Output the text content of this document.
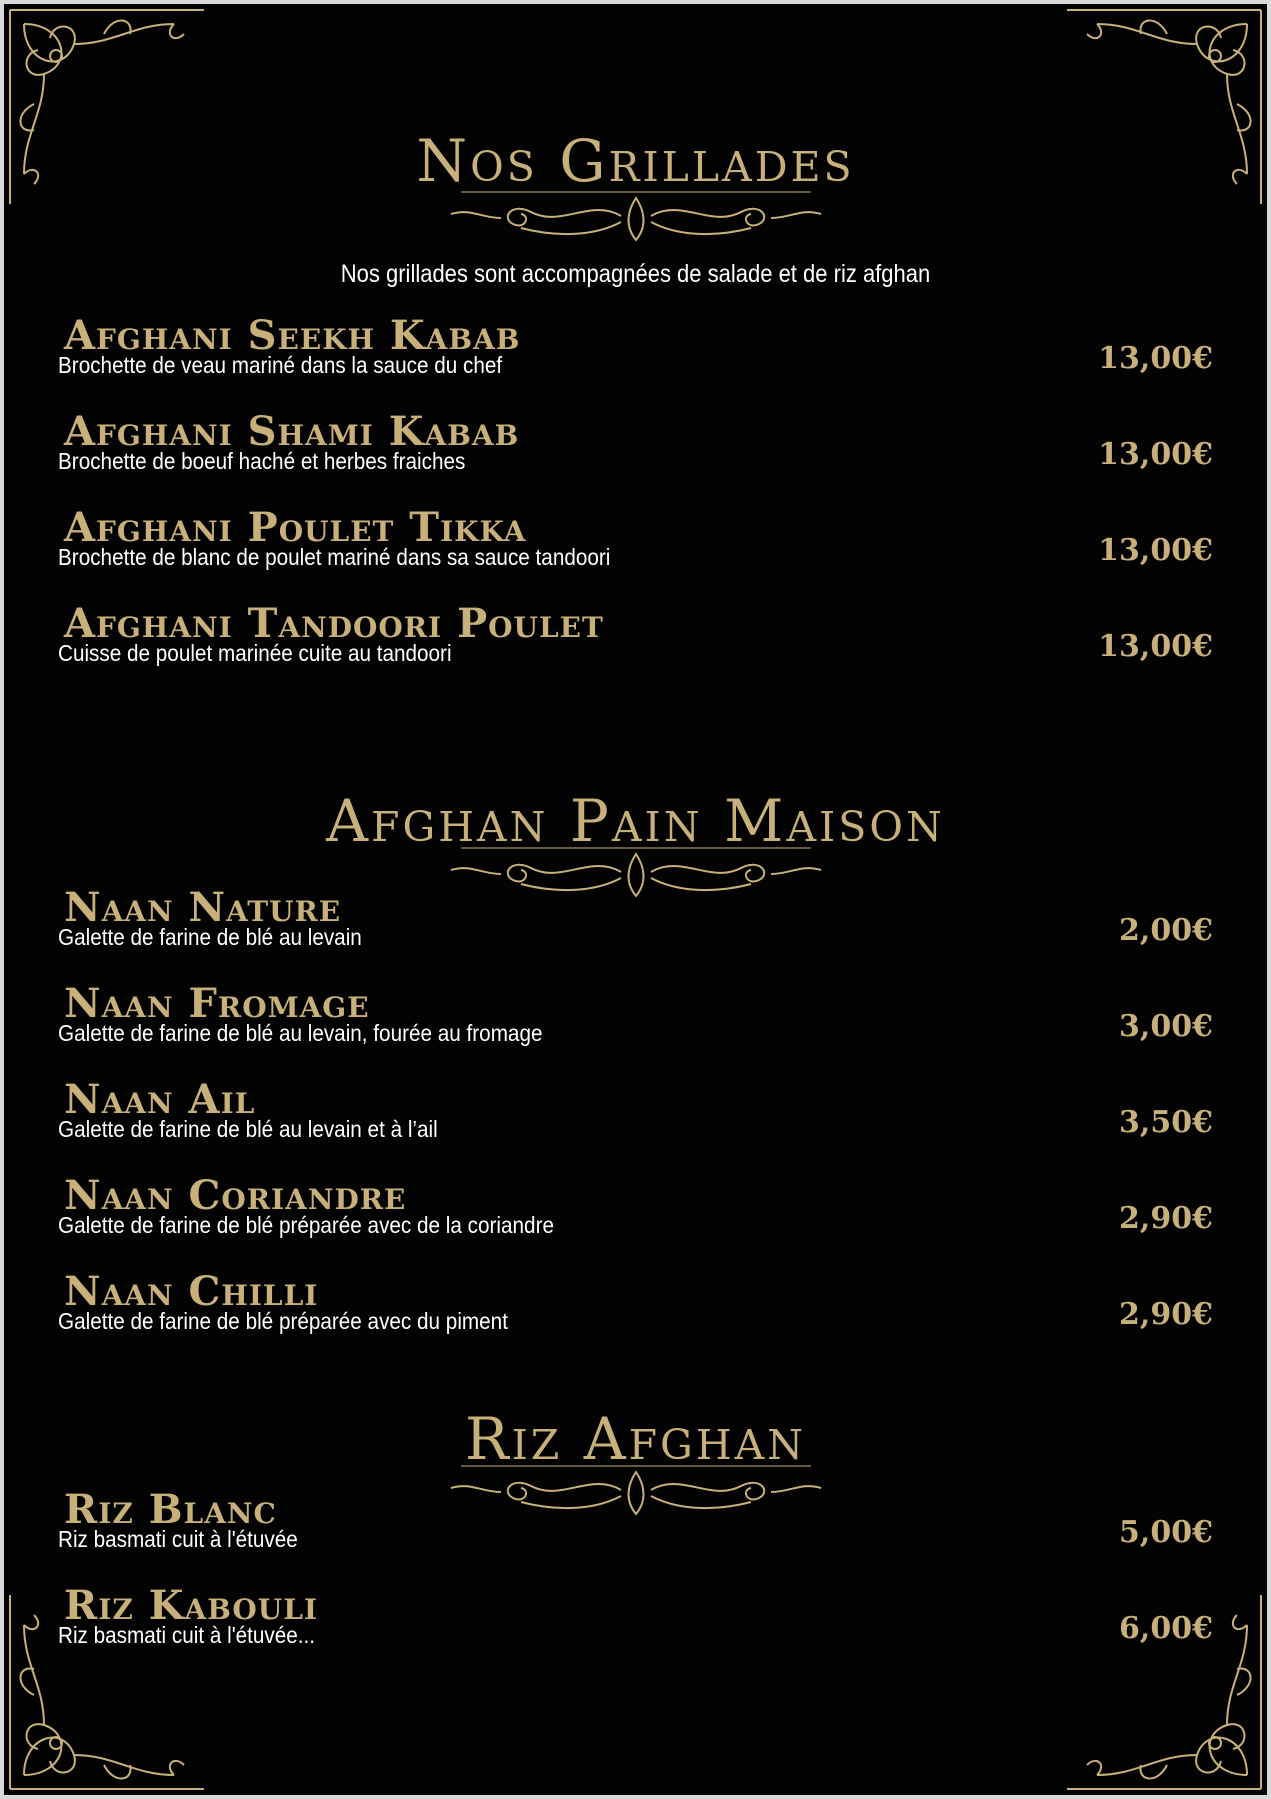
Nos Grillades
Nos grillades sont accompagnées de salade et de riz afghan
Afghani Seekh Kabab
Brochette de veau mariné dans la sauce du chef	13,00€
Afghani Shami Kabab
Brochette de boeuf haché et herbes fraiches	13,00€
Afghani Poulet Tikka
Brochette de blanc de poulet mariné dans sa sauce tandoori	13,00€
Afghani Tandoori Poulet
Cuisse de poulet marinée cuite au tandoori	13,00€
Afghan Pain Maison
Naan Nature
Galette de farine de blé au levain	2,00€
Naan Fromage
Galette de farine de blé au levain, fourée au fromage	3,00€
Naan Ail
Galette de farine de blé au levain et à l’ail	3,50€
Naan Coriandre
Galette de farine de blé préparée avec de la coriandre	2,90€
Naan Chilli
Galette de farine de blé préparée avec du piment	2,90€
Riz Afghan
Riz Blanc
Riz basmati cuit à l'étuvée	5,00€
Riz Kabouli
Riz basmati cuit à l'étuvée...	6,00€
